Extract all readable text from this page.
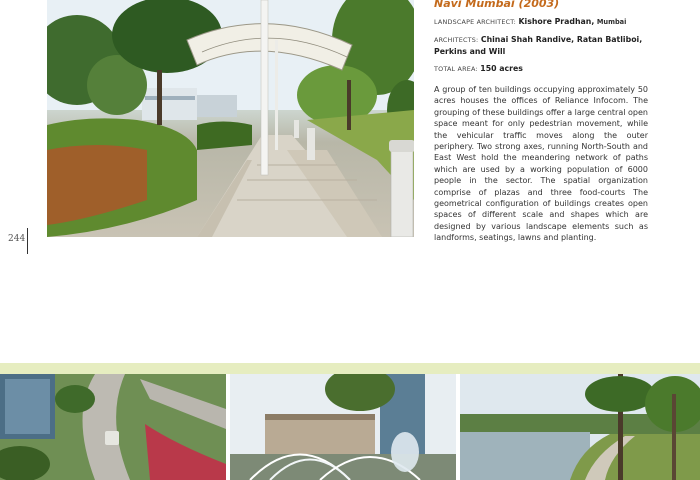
244
Navi Mumbai (2003)
LANDSCAPE ARCHITECT: Kishore Pradhan, Mumbai
ARCHITECTS: Chinai Shah Randive, Ratan Batliboi, Perkins and Will
TOTAL AREA: 150 acres
A group of ten buildings occupying approximately 50 acres houses the offices of Reliance Infocom. The grouping of these buildings offer a large central open space meant for only pedestrian movement, while the vehicular traffic moves along the outer periphery. Two strong axes, running North-South and East West hold the meandering network of paths which are used by a working population of 6000 people in the sector. The spatial organization comprise of plazas and three food-courts The geometrical configuration of buildings creates open spaces of different scale and shapes which are designed by various landscape elements such as landforms, seatings, lawns and planting.
